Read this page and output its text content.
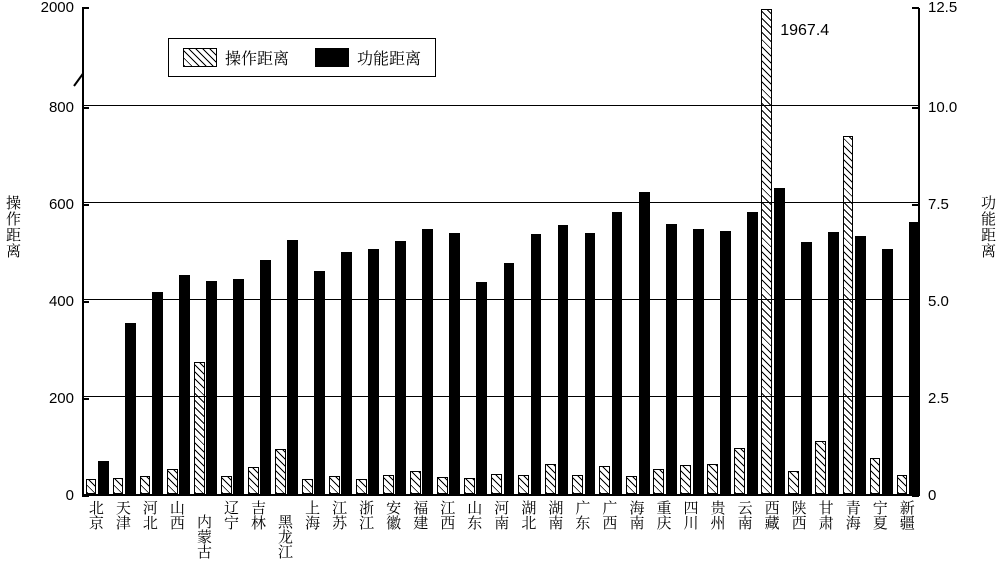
操作距离	功能距离
0
200
400
600
800
2000
0
2.5
5.0
7.5
10.0
12.5
1967.4
操作距离	功能距离
北京 天津 河北 山西 内蒙古 辽宁 吉林 黑龙江 上海 江苏 浙江 安徽 福建 江西 山东 河南 湖北 湖南 广东 广西 海南 重庆 四川 贵州 云南 西藏 陕西 甘肃 青海 宁夏 新疆
